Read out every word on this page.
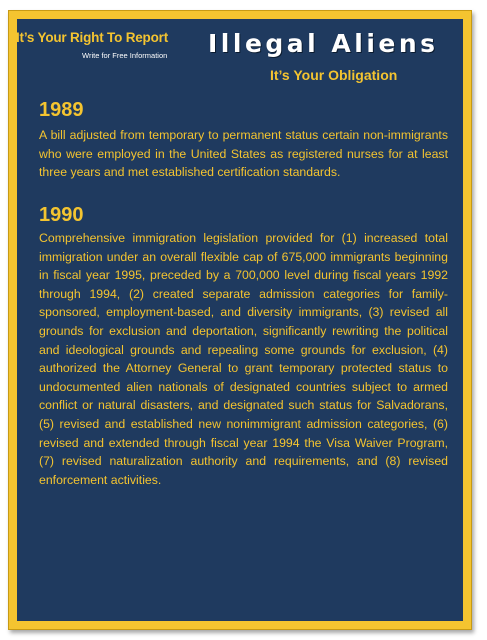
It’s Your Right To Report
Write for Free Information Illegal Aliens
It’s Your Obligation
1989
A bill adjusted from temporary to permanent status certain non-immigrants who were employed in the United States as registered nurses for at least three years and met established certification standards.
1990
Comprehensive immigration legislation provided for (1) increased total immigration under an overall flexible cap of 675,000 immigrants beginning in fiscal year 1995, preceded by a 700,000 level during fiscal years 1992 through 1994, (2) created separate admission categories for family-sponsored, employment-based, and diversity immigrants, (3) revised all grounds for exclusion and deportation, significantly rewriting the political and ideological grounds and repealing some grounds for exclusion, (4) authorized the Attorney General to grant temporary protected status to undocumented alien nationals of designated countries subject to armed conflict or natural disasters, and designated such status for Salvadorans, (5) revised and established new nonimmigrant admission categories, (6) revised and extended through fiscal year 1994 the Visa Waiver Program, (7) revised naturalization authority and requirements, and (8) revised enforcement activities.
